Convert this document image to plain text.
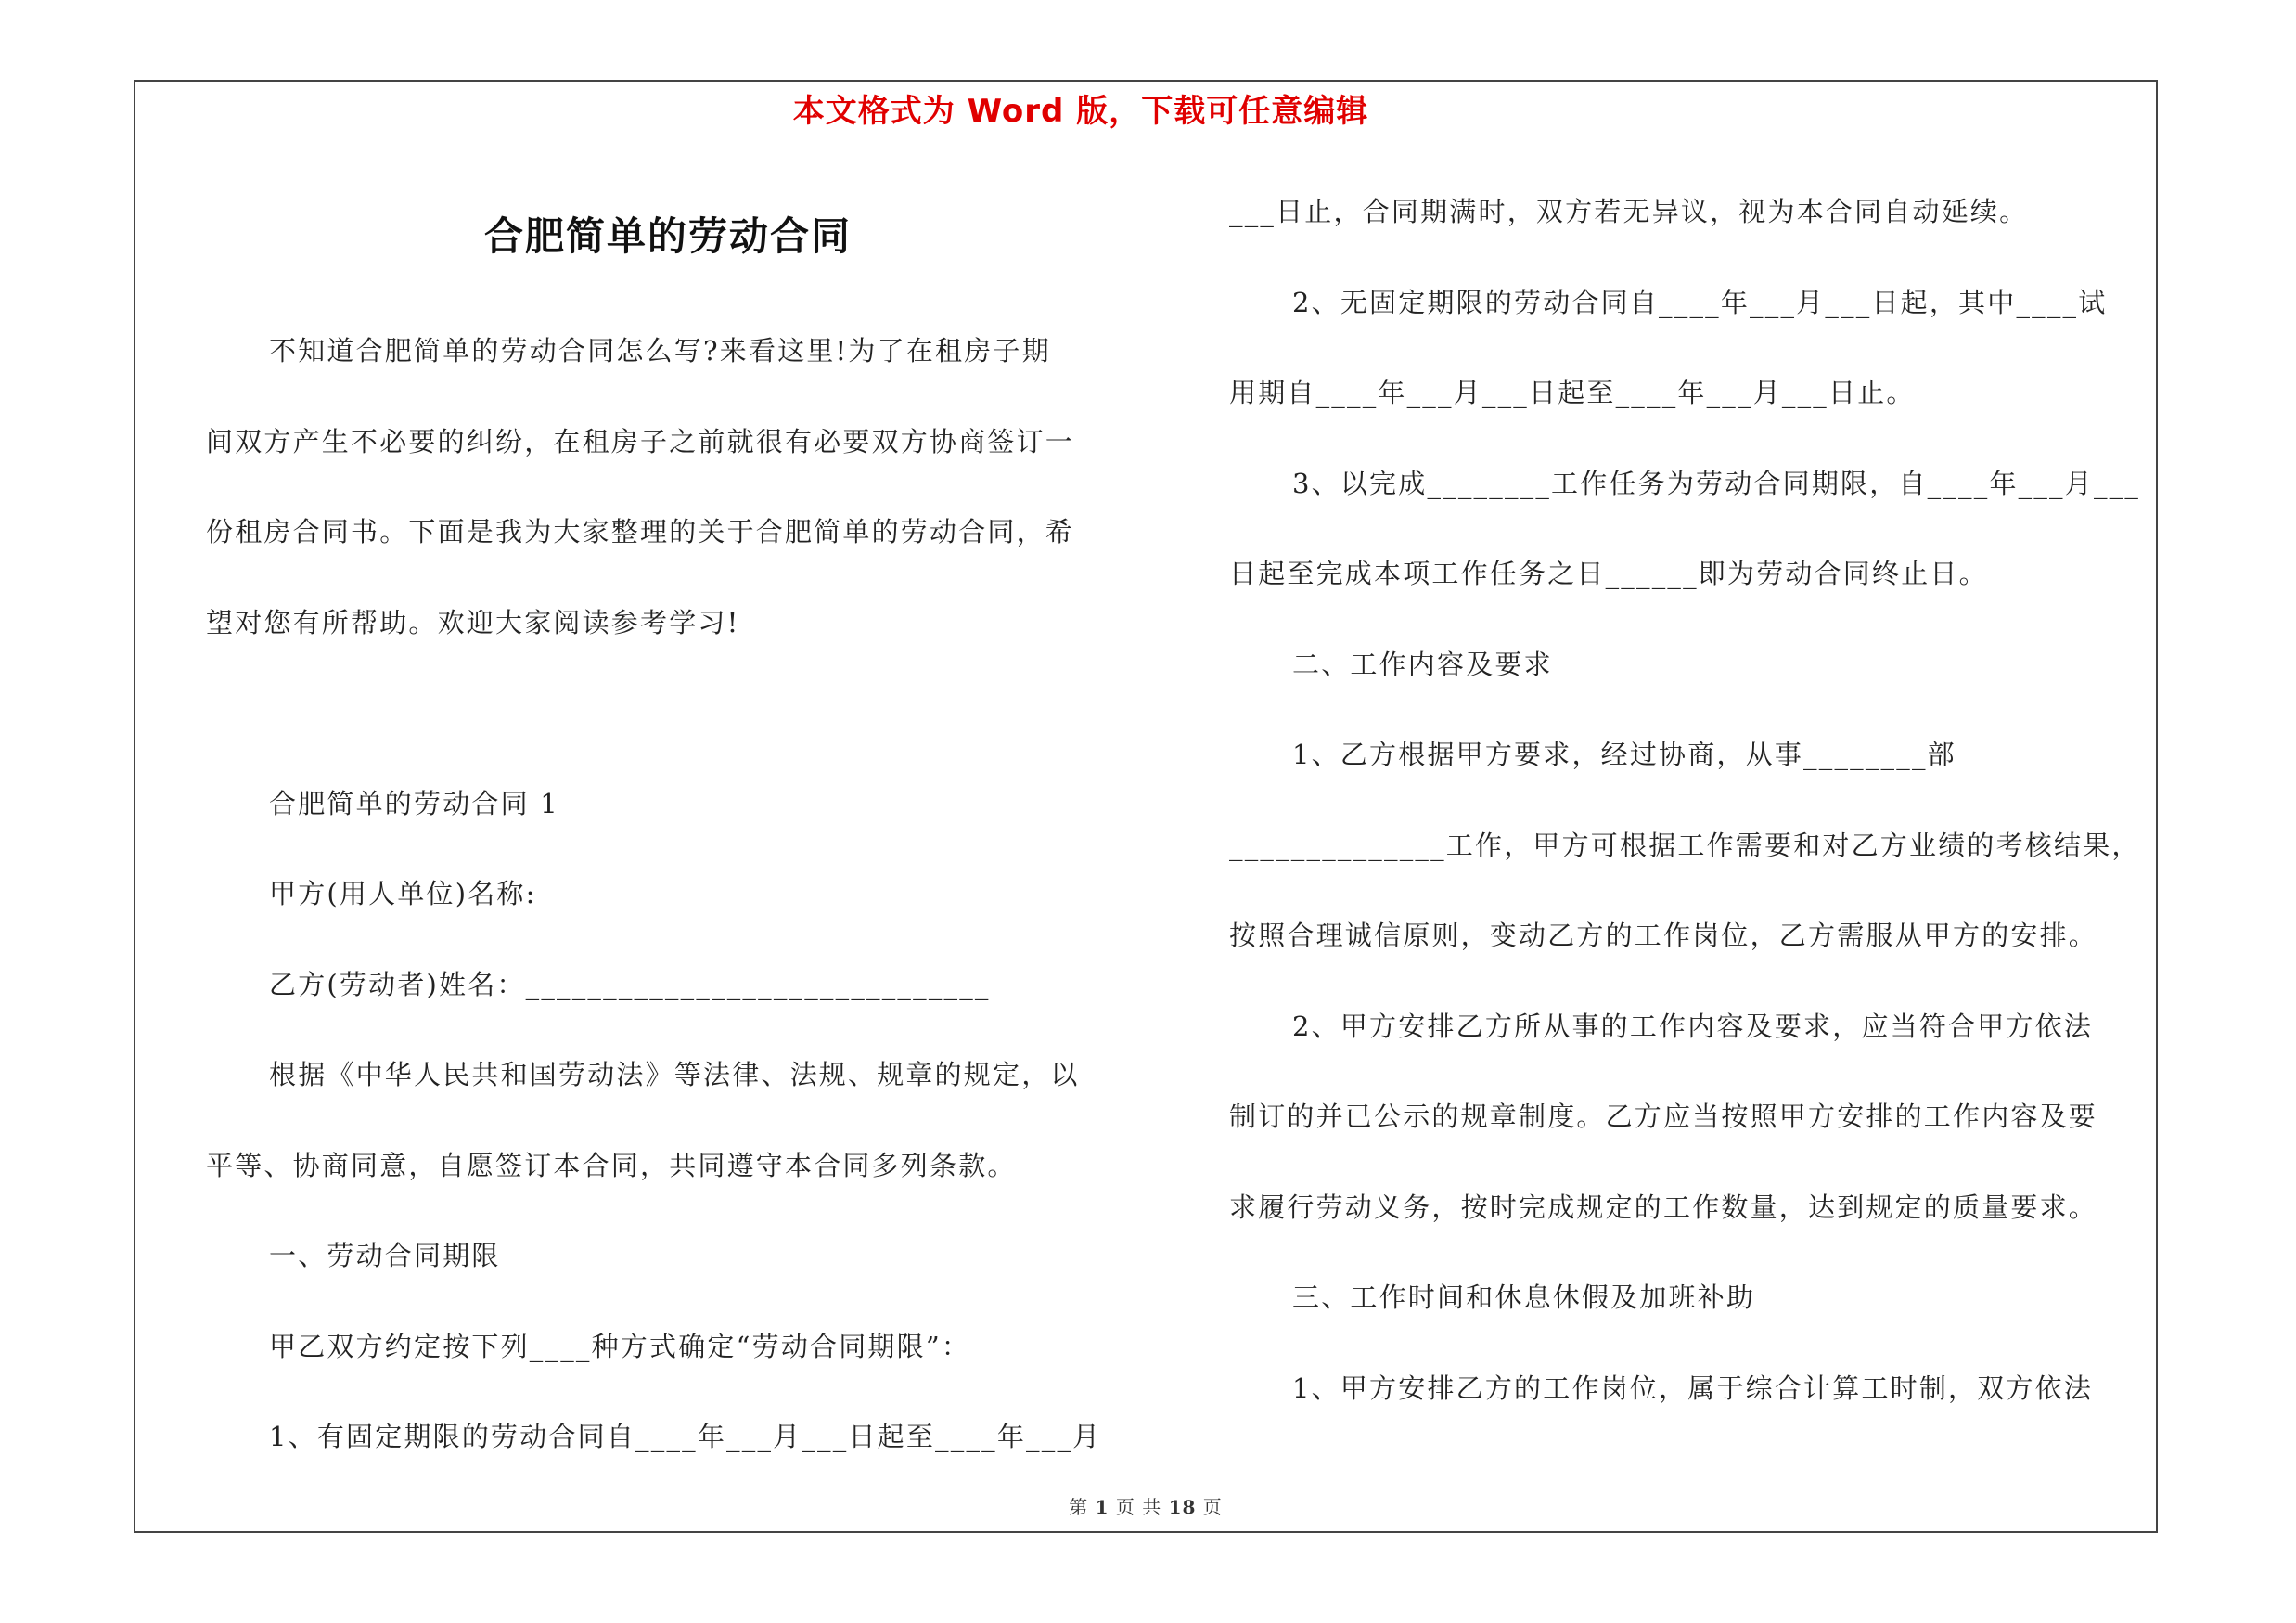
本文格式为 Word 版，下载可任意编辑
合肥简单的劳动合同

不知道合肥简单的劳动合同怎么写?来看这里!为了在租房子期

间双方产生不必要的纠纷，在租房子之前就很有必要双方协商签订一

份租房合同书。下面是我为大家整理的关于合肥简单的劳动合同，希

望对您有所帮助。欢迎大家阅读参考学习!

合肥简单的劳动合同 1

甲方(用人单位)名称:

乙方(劳动者)姓名：______________________________

根据《中华人民共和国劳动法》等法律、法规、规章的规定，以

平等、协商同意，自愿签订本合同，共同遵守本合同多列条款。

一、劳动合同期限

甲乙双方约定按下列____种方式确定“劳动合同期限”：

1、有固定期限的劳动合同自____年___月___日起至____年___月

___日止，合同期满时，双方若无异议，视为本合同自动延续。

2、无固定期限的劳动合同自____年___月___日起，其中____试

用期自____年___月___日起至____年___月___日止。

3、以完成________工作任务为劳动合同期限，自____年___月___

日起至完成本项工作任务之日______即为劳动合同终止日。

二、工作内容及要求

1、乙方根据甲方要求，经过协商，从事________部

______________工作，甲方可根据工作需要和对乙方业绩的考核结果，

按照合理诚信原则，变动乙方的工作岗位，乙方需服从甲方的安排。

2、甲方安排乙方所从事的工作内容及要求，应当符合甲方依法

制订的并已公示的规章制度。乙方应当按照甲方安排的工作内容及要

求履行劳动义务，按时完成规定的工作数量，达到规定的质量要求。

三、工作时间和休息休假及加班补助

1、甲方安排乙方的工作岗位，属于综合计算工时制，双方依法

第 1 页 共 18 页
